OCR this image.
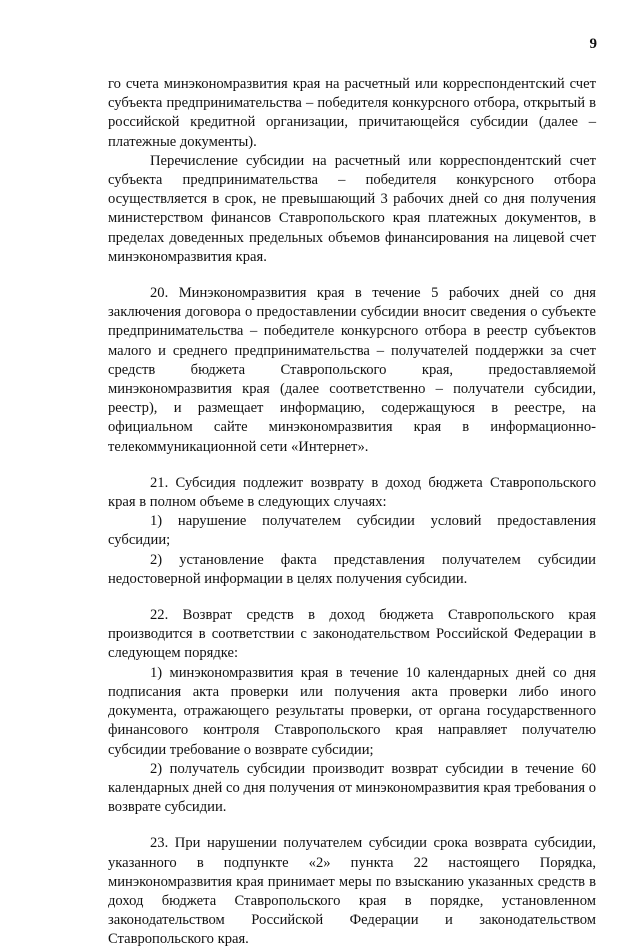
9

го счета минэкономразвития края на расчетный или корреспондентский счет субъекта предпринимательства – победителя конкурсного отбора, открытый в российской кредитной организации, причитающейся субсидии (далее – платежные документы).

Перечисление субсидии на расчетный или корреспондентский счет субъекта предпринимательства – победителя конкурсного отбора осуществляется в срок, не превышающий 3 рабочих дней со дня получения министерством финансов Ставропольского края платежных документов, в пределах доведенных предельных объемов финансирования на лицевой счет минэкономразвития края.

20. Минэкономразвития края в течение 5 рабочих дней со дня заключения договора о предоставлении субсидии вносит сведения о субъекте предпринимательства – победителе конкурсного отбора в реестр субъектов малого и среднего предпринимательства – получателей поддержки за счет средств бюджета Ставропольского края, предоставляемой минэкономразвития края (далее соответственно – получатели субсидии, реестр), и размещает информацию, содержащуюся в реестре, на официальном сайте минэкономразвития края в информационно-телекоммуникационной сети «Интернет».

21. Субсидия подлежит возврату в доход бюджета Ставропольского края в полном объеме в следующих случаях:

1) нарушение получателем субсидии условий предоставления субсидии;

2) установление факта представления получателем субсидии недостоверной информации в целях получения субсидии.

22. Возврат средств в доход бюджета Ставропольского края производится в соответствии с законодательством Российской Федерации в следующем порядке:

1) минэкономразвития края в течение 10 календарных дней со дня подписания акта проверки или получения акта проверки либо иного документа, отражающего результаты проверки, от органа государственного финансового контроля Ставропольского края направляет получателю субсидии требование о возврате субсидии;

2) получатель субсидии производит возврат субсидии в течение 60 календарных дней со дня получения от минэкономразвития края требования о возврате субсидии.

23. При нарушении получателем субсидии срока возврата субсидии, указанного в подпункте «2» пункта 22 настоящего Порядка, минэкономразвития края принимает меры по взысканию указанных средств в доход бюджета Ставропольского края в порядке, установленном законодательством Российской Федерации и законодательством Ставропольского края.
